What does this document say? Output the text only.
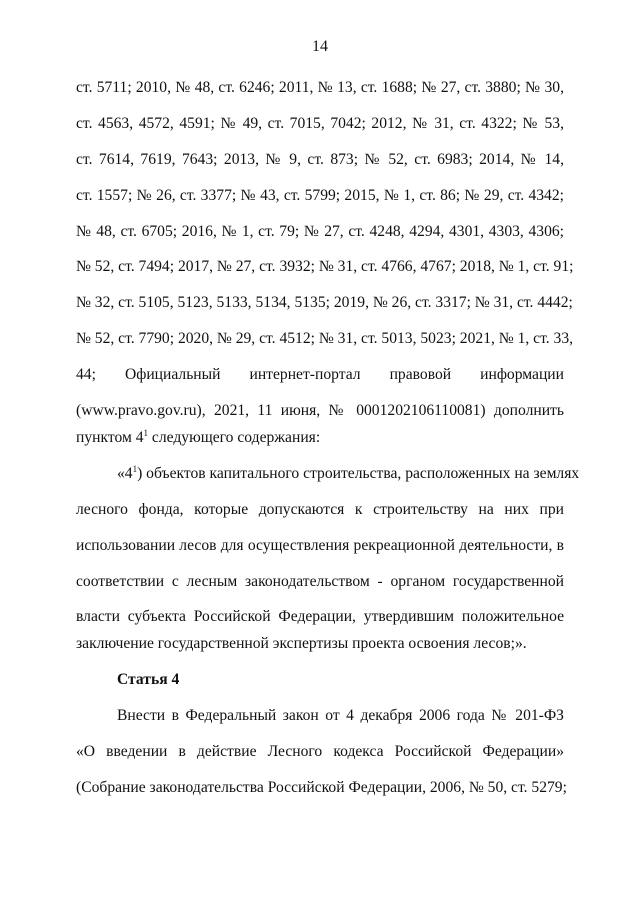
14
ст. 5711; 2010, № 48, ст. 6246; 2011, № 13, ст. 1688; № 27, ст. 3880; № 30,
ст. 4563, 4572, 4591; № 49, ст. 7015, 7042; 2012, № 31, ст. 4322; № 53,
ст. 7614, 7619, 7643; 2013, № 9, ст. 873; № 52, ст. 6983; 2014, № 14,
ст. 1557; № 26, ст. 3377; № 43, ст. 5799; 2015, № 1, ст. 86; № 29, ст. 4342;
№ 48, ст. 6705; 2016, № 1, ст. 79; № 27, ст. 4248, 4294, 4301, 4303, 4306;
№ 52, ст. 7494; 2017, № 27, ст. 3932; № 31, ст. 4766, 4767; 2018, № 1, ст. 91;
№ 32, ст. 5105, 5123, 5133, 5134, 5135; 2019, № 26, ст. 3317; № 31, ст. 4442;
№ 52, ст. 7790; 2020, № 29, ст. 4512; № 31, ст. 5013, 5023; 2021, № 1, ст. 33,
44; Официальный интернет-портал правовой информации
(www.pravo.gov.ru), 2021, 11 июня, № 0001202106110081) дополнить
пунктом $4^1$ следующего содержания:
«$4^1$) объектов капитального строительства, расположенных на землях
лесного фонда, которые допускаются к строительству на них при
использовании лесов для осуществления рекреационной деятельности, в
соответствии с лесным законодательством - органом государственной
власти субъекта Российской Федерации, утвердившим положительное
заключение государственной экспертизы проекта освоения лесов;».
Статья 4
Внести в Федеральный закон от 4 декабря 2006 года № 201-ФЗ
«О введении в действие Лесного кодекса Российской Федерации»
(Собрание законодательства Российской Федерации, 2006, № 50, ст. 5279;
